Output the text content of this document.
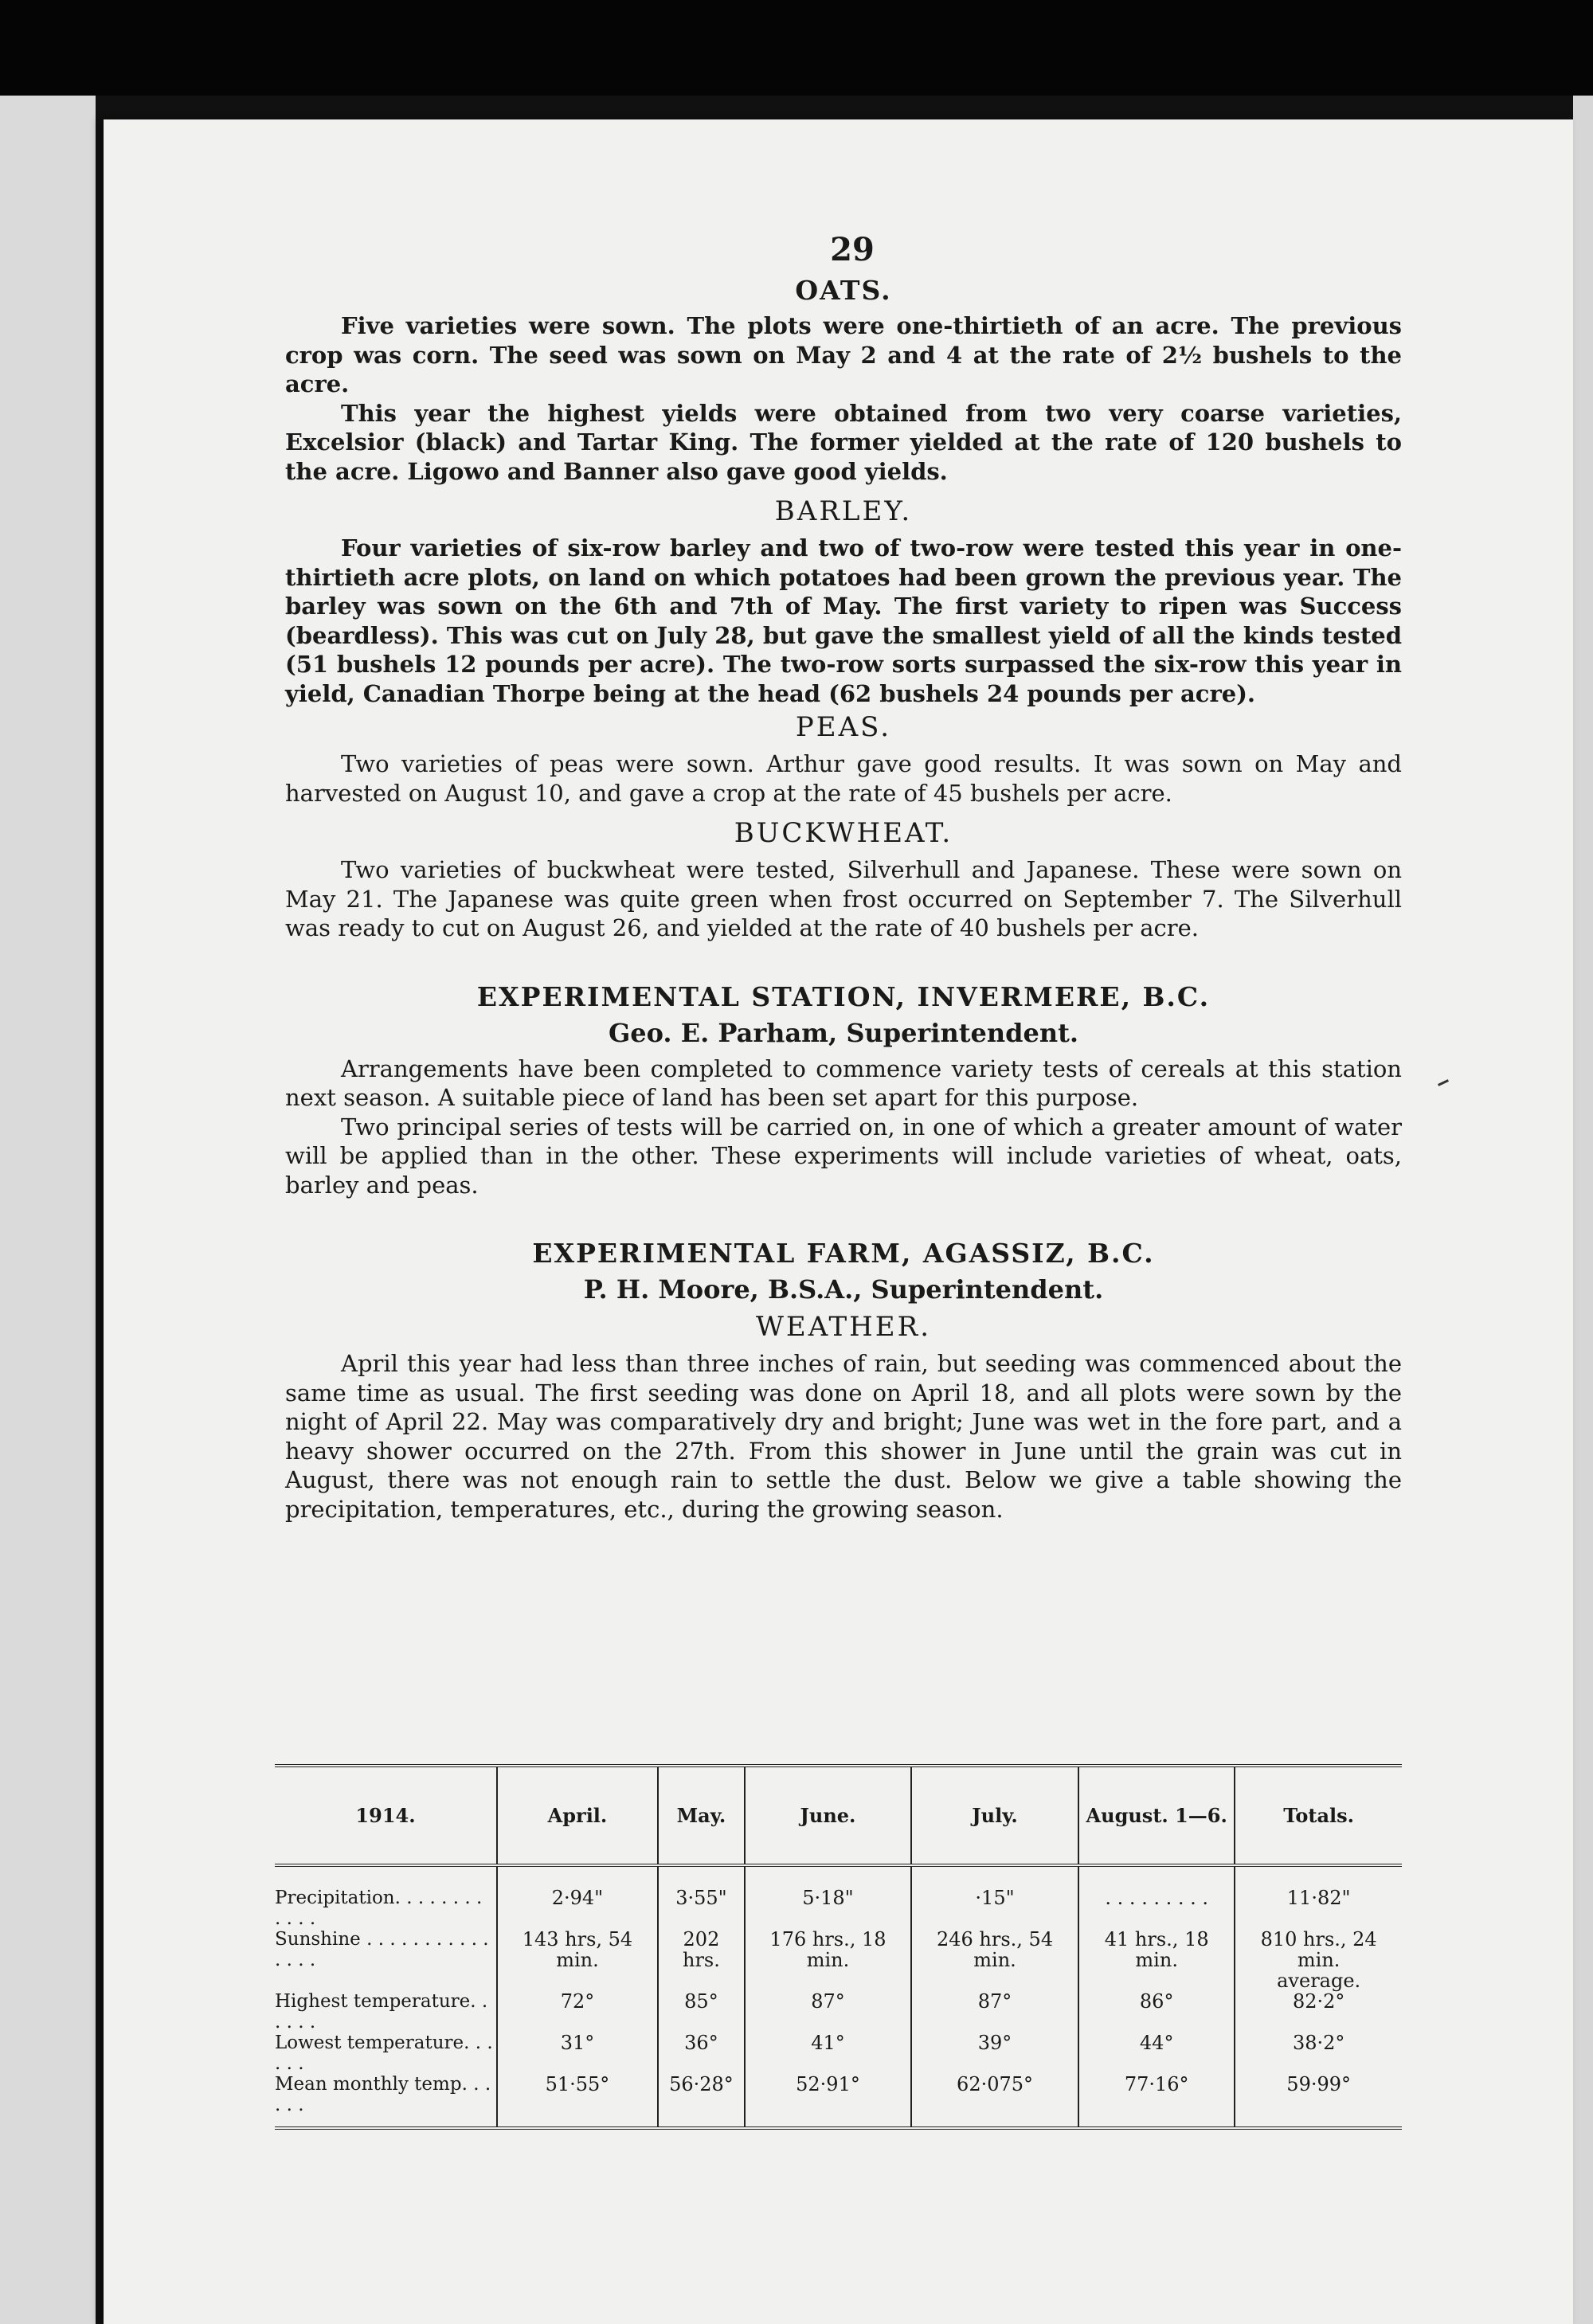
29
OATS.

Five varieties were sown. The plots were one-thirtieth of an acre. The previous crop was corn. The seed was sown on May 2 and 4 at the rate of 2½ bushels to the acre.

This year the highest yields were obtained from two very coarse varieties, Excelsior (black) and Tartar King. The former yielded at the rate of 120 bushels to the acre. Ligowo and Banner also gave good yields.

BARLEY.

Four varieties of six-row barley and two of two-row were tested this year in one-thirtieth acre plots, on land on which potatoes had been grown the previous year. The barley was sown on the 6th and 7th of May. The first variety to ripen was Success (beardless). This was cut on July 28, but gave the smallest yield of all the kinds tested (51 bushels 12 pounds per acre). The two-row sorts surpassed the six-row this year in yield, Canadian Thorpe being at the head (62 bushels 24 pounds per acre).

PEAS.

Two varieties of peas were sown. Arthur gave good results. It was sown on May and harvested on August 10, and gave a crop at the rate of 45 bushels per acre.

BUCKWHEAT.

Two varieties of buckwheat were tested, Silverhull and Japanese. These were sown on May 21. The Japanese was quite green when frost occurred on September 7. The Silverhull was ready to cut on August 26, and yielded at the rate of 40 bushels per acre.

EXPERIMENTAL STATION, INVERMERE, B.C.
Geo. E. Parham, Superintendent.

Arrangements have been completed to commence variety tests of cereals at this station next season. A suitable piece of land has been set apart for this purpose.

Two principal series of tests will be carried on, in one of which a greater amount of water will be applied than in the other. These experiments will include varieties of wheat, oats, barley and peas.

EXPERIMENTAL FARM, AGASSIZ, B.C.
P. H. Moore, B.S.A., Superintendent.
WEATHER.

April this year had less than three inches of rain, but seeding was commenced about the same time as usual. The first seeding was done on April 18, and all plots were sown by the night of April 22. May was comparatively dry and bright; June was wet in the fore part, and a heavy shower occurred on the 27th. From this shower in June until the grain was cut in August, there was not enough rain to settle the dust. Below we give a table showing the precipitation, temperatures, etc., during the growing season.

1914.	April.	May.	June.	July.	August. 1—6.	Totals.
Precipitation. . . . . . . . . . . .	2·94"	3·55"	5·18"	·15"	. . . . . . . . .	11·82"
Sunshine . . . . . . . . . . . . . . .	143 hrs, 54 min.	202 hrs.	176 hrs., 18 min.	246 hrs., 54 min.	41 hrs., 18 min.	810 hrs., 24 min.
						average.
Highest temperature. . . . . .	72°	85°	87°	87°	86°	82·2°
Lowest temperature. . . . . .	31°	36°	41°	39°	44°	38·2°
Mean monthly temp. . . . . .	51·55°	56·28°	52·91°	62·075°	77·16°	59·99°
